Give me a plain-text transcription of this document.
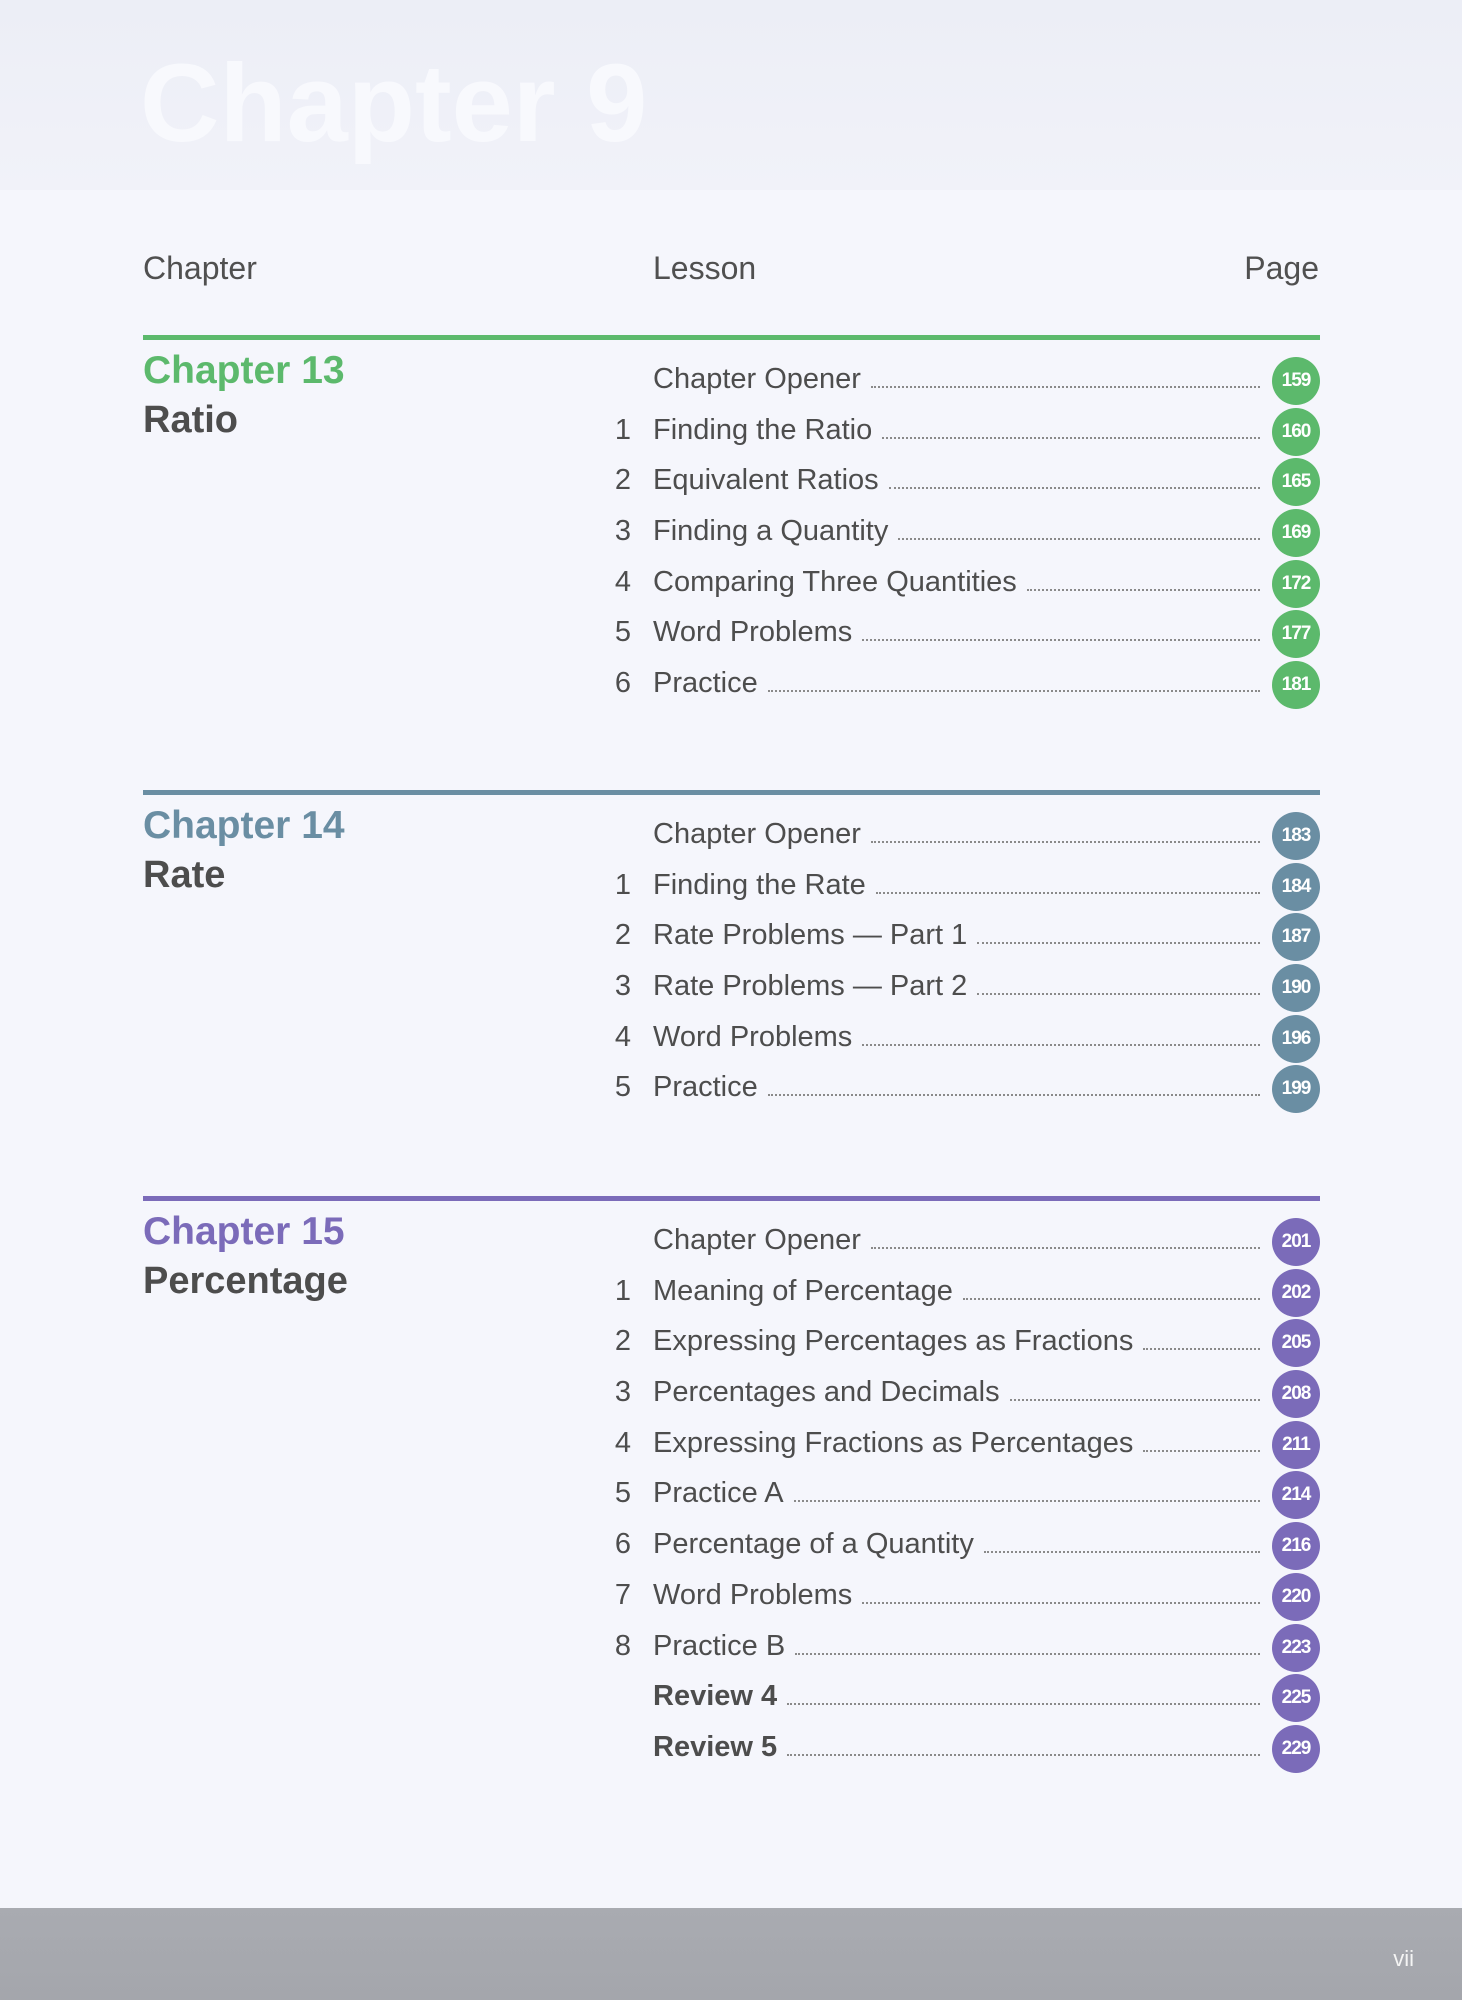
Chapter 9
Chapter	Lesson	Page
Chapter 13
Ratio
Chapter Opener	159
1 Finding the Ratio	160
2 Equivalent Ratios	165
3 Finding a Quantity	169
4 Comparing Three Quantities	172
5 Word Problems	177
6 Practice	181
Chapter 14
Rate
Chapter Opener	183
1 Finding the Rate	184
2 Rate Problems — Part 1	187
3 Rate Problems — Part 2	190
4 Word Problems	196
5 Practice	199
Chapter 15
Percentage
Chapter Opener	201
1 Meaning of Percentage	202
2 Expressing Percentages as Fractions	205
3 Percentages and Decimals	208
4 Expressing Fractions as Percentages	211
5 Practice A	214
6 Percentage of a Quantity	216
7 Word Problems	220
8 Practice B	223
Review 4	225
Review 5	229
vii
